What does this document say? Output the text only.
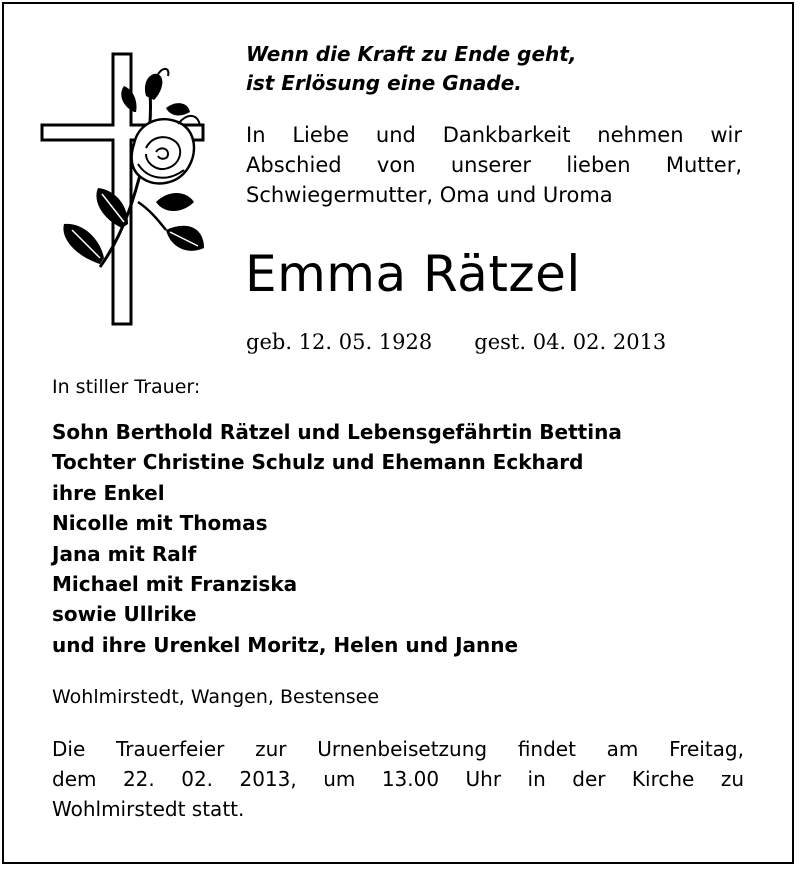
Wenn die Kraft zu Ende geht,
ist Erlösung eine Gnade.
In Liebe und Dankbarkeit nehmen wir
Abschied von unserer lieben Mutter,
Schwiegermutter, Oma und Uroma
Emma Rätzel
geb. 12. 05. 1928 gest. 04. 02. 2013
In stiller Trauer:
Sohn Berthold Rätzel und Lebensgefährtin Bettina
Tochter Christine Schulz und Ehemann Eckhard
ihre Enkel
Nicolle mit Thomas
Jana mit Ralf
Michael mit Franziska
sowie Ullrike
und ihre Urenkel Moritz, Helen und Janne
Wohlmirstedt, Wangen, Bestensee
Die Trauerfeier zur Urnenbeisetzung findet am Freitag,
dem 22. 02. 2013, um 13.00 Uhr in der Kirche zu
Wohlmirstedt statt.
